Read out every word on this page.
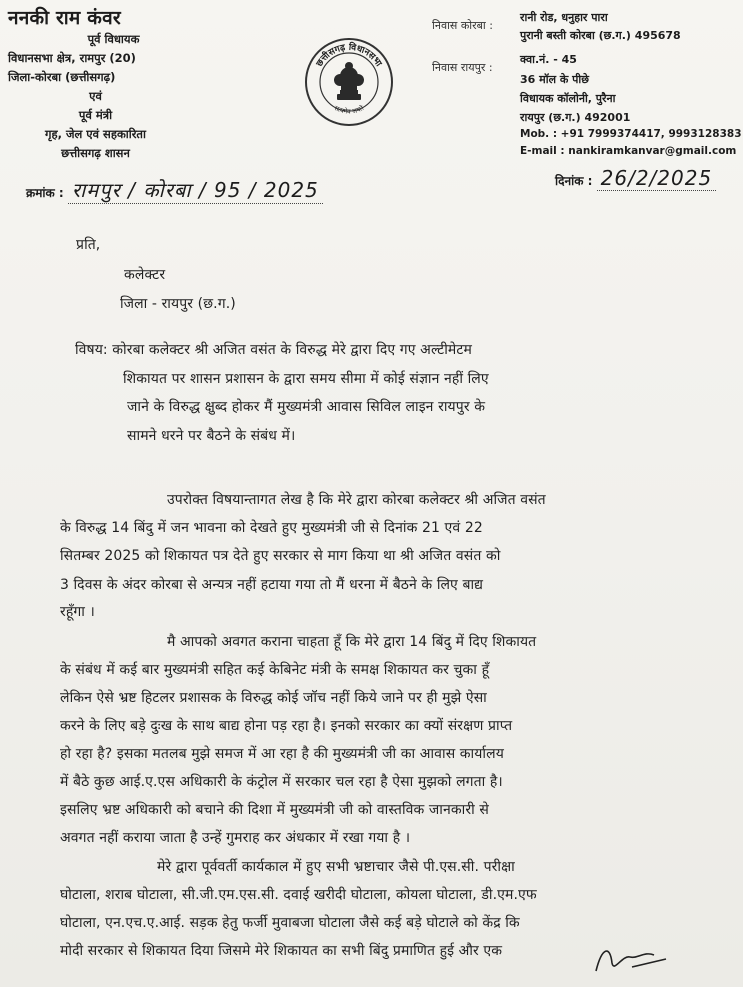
ननकी राम कंवर
पूर्व विधायक
विधानसभा क्षेत्र, रामपुर (20)
जिला-कोरबा (छत्तीसगढ़)
एवं
पूर्व मंत्री
गृह, जेल एवं सहकारिता
छत्तीसगढ़ शासन
छत्तीसगढ़ विधानसभा
सत्यमेव जयते
निवास कोरबा :
रानी रोड, धनुहार पारा
पुरानी बस्ती कोरबा (छ.ग.) 495678
निवास रायपुर :
क्वा.नं. - 45
36 मॉल के पीछे
विधायक कॉलोनी, पुरैना
रायपुर (छ.ग.) 492001
Mob. : +91 7999374417, 9993128383
E-mail : nankiramkanvar@gmail.com
क्रमांक : रामपुर / कोरबा / 95 / 2025	दिनांक : 26/2/2025
प्रति,
कलेक्टर
जिला - रायपुर (छ.ग.)
विषय: कोरबा कलेक्टर श्री अजित वसंत के विरुद्ध मेरे द्वारा दिए गए अल्टीमेटम
शिकायत पर शासन प्रशासन के द्वारा समय सीमा में कोई संज्ञान नहीं लिए
जाने के विरुद्ध क्षुब्द होकर मैं मुख्यमंत्री आवास सिविल लाइन रायपुर के
सामने धरने पर बैठने के संबंध में।
उपरोक्त विषयान्तागत लेख है कि मेरे द्वारा कोरबा कलेक्टर श्री अजित वसंत
के विरुद्ध 14 बिंदु में जन भावना को देखते हुए मुख्यमंत्री जी से दिनांक 21 एवं 22
सितम्बर 2025 को शिकायत पत्र देते हुए सरकार से माग किया था श्री अजित वसंत को
3 दिवस के अंदर कोरबा से अन्यत्र नहीं हटाया गया तो मैं धरना में बैठने के लिए बाद्य
रहूँगा ।
मै आपको अवगत कराना चाहता हूँ कि मेरे द्वारा 14 बिंदु में दिए शिकायत
के संबंध में कई बार मुख्यमंत्री सहित कई केबिनेट मंत्री के समक्ष शिकायत कर चुका हूँ
लेकिन ऐसे भ्रष्ट हिटलर प्रशासक के विरुद्ध कोई जॉच नहीं किये जाने पर ही मुझे ऐसा
करने के लिए बड़े दुःख के साथ बाद्य होना पड़ रहा है। इनको सरकार का क्यों संरक्षण प्राप्त
हो रहा है? इसका मतलब मुझे समज में आ रहा है की मुख्यमंत्री जी का आवास कार्यालय
में बैठे कुछ आई.ए.एस अधिकारी के कंट्रोल में सरकार चल रहा है ऐसा मुझको लगता है।
इसलिए भ्रष्ट अधिकारी को बचाने की दिशा में मुख्यमंत्री जी को वास्तविक जानकारी से
अवगत नहीं कराया जाता है उन्हें गुमराह कर अंधकार में रखा गया है ।
मेरे द्वारा पूर्ववर्ती कार्यकाल में हुए सभी भ्रष्टाचार जैसे पी.एस.सी. परीक्षा
घोटाला, शराब घोटाला, सी.जी.एम.एस.सी. दवाई खरीदी घोटाला, कोयला घोटाला, डी.एम.एफ
घोटाला, एन.एच.ए.आई. सड़क हेतु फर्जी मुवाबजा घोटाला जैसे कई बड़े घोटाले को केंद्र कि
मोदी सरकार से शिकायत दिया जिसमे मेरे शिकायत का सभी बिंदु प्रमाणित हुई और एक
